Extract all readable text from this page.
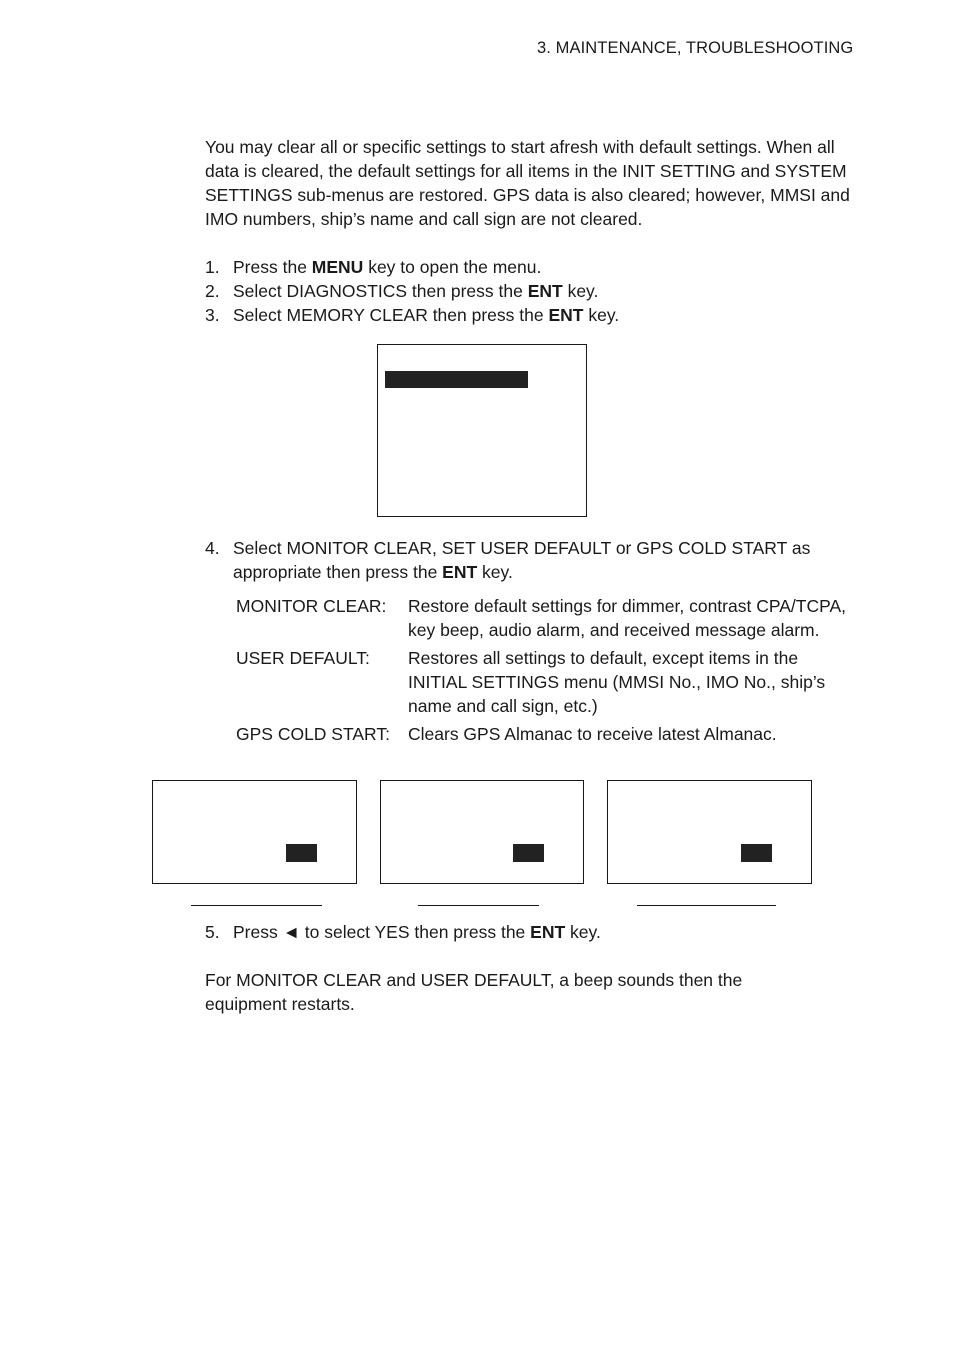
3. MAINTENANCE, TROUBLESHOOTING

You may clear all or specific settings to start afresh with default settings. When all data is cleared, the default settings for all items in the INIT SETTING and SYSTEM SETTINGS sub-menus are restored. GPS data is also cleared; however, MMSI and IMO numbers, ship’s name and call sign are not cleared.

1. Press the MENU key to open the menu.
2. Select DIAGNOSTICS then press the ENT key.
3. Select MEMORY CLEAR then press the ENT key.
4. Select MONITOR CLEAR, SET USER DEFAULT or GPS COLD START as
appropriate then press the ENT key.
MONITOR CLEAR:	Restore default settings for dimmer, contrast CPA/TCPA, key beep, audio alarm, and received message alarm.
USER DEFAULT:	Restores all settings to default, except items in the INITIAL SETTINGS menu (MMSI No., IMO No., ship’s name and call sign, etc.)
GPS COLD START:	Clears GPS Almanac to receive latest Almanac.
5. Press ◄ to select YES then press the ENT key.

For MONITOR CLEAR and USER DEFAULT, a beep sounds then the equipment restarts.
